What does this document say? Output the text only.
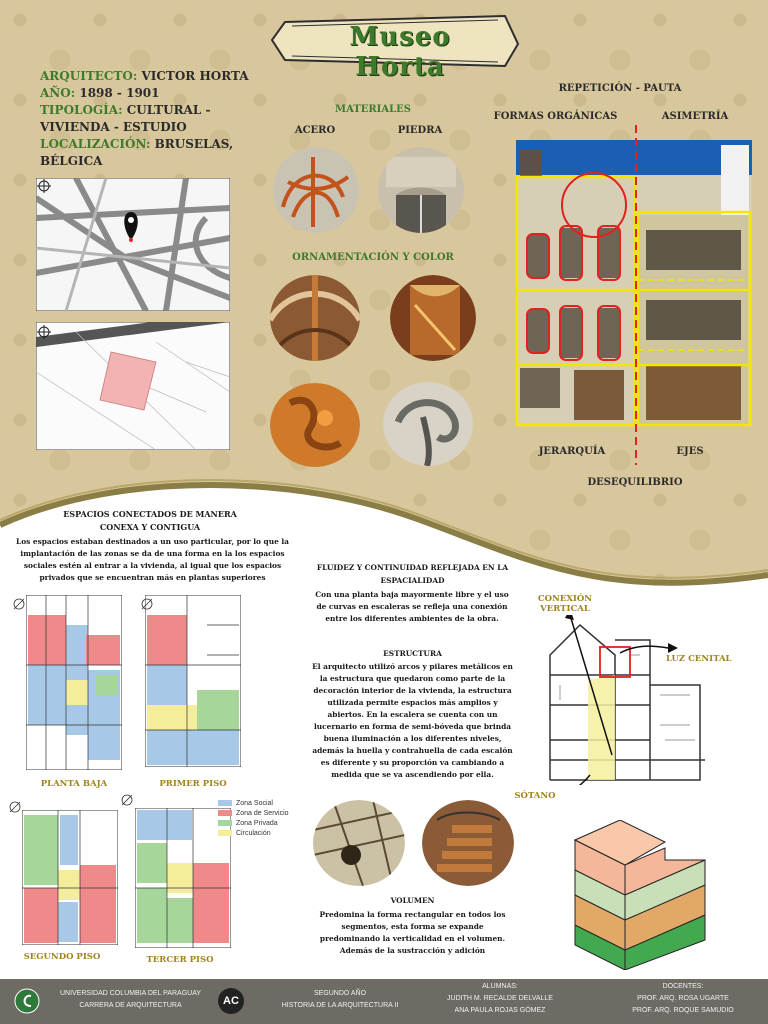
Museo Horta
ARQUITECTO: VICTOR HORTA
AÑO: 1898 - 1901
TIPOLOGÍA: CULTURAL - VIVIENDA - ESTUDIO
LOCALIZACIÓN: BRUSELAS, BÉLGICA
MATERIALES
ACERO	PIEDRA
ORNAMENTACIÓN Y COLOR
REPETICIÓN - PAUTA
FORMAS ORGÁNICAS	ASIMETRÍA
JERARQUÍA	EJES
DESEQUILIBRIO
ESPACIOS CONECTADOS DE MANERA
CONEXA Y CONTIGUA
Los espacios estaban destinados a un uso particular, por lo que la implantación de las zonas se da de una forma en la los espacios sociales estén al entrar a la vivienda, al igual que los espacios privados que se encuentran más en plantas superiores
PLANTA BAJA	PRIMER PISO
SEGUNDO PISO	TERCER PISO
Zona Social
Zona de Servicio
Zona Privada
Circulación
FLUIDEZ Y CONTINUIDAD REFLEJADA EN LA
ESPACIALIDAD
Con una planta baja mayormente libre y el uso de curvas en escaleras se refleja una conexión entre los diferentes ambientes de la obra.
ESTRUCTURA
El arquitecto utilizó arcos y pilares metálicos en la estructura que quedaron como parte de la decoración interior de la vivienda, la estructura utilizada permite espacios más amplios y abiertos. En la escalera se cuenta con un lucernario en forma de semi-bóveda que brinda buena iluminación a los diferentes niveles, además la huella y contrahuella de cada escalón es diferente y su proporción va cambiando a medida que se va ascendiendo por ella.
CONEXIÓN VERTICAL
LUZ CENITAL
SÓTANO
VOLUMEN
Predomina la forma rectangular en todos los segmentos, esta forma se expande predominando la verticalidad en el volumen. Además de la sustracción y adición
UNIVERSIDAD COLUMBIA DEL PARAGUAY
CARRERA DE ARQUITECTURA	AC
SEGUNDO AÑO
HISTORIA DE LA ARQUITECTURA II
ALUMNAS:
JUDITH M. RECALDE DELVALLE
ANA PAULA ROJAS GÓMEZ
DOCENTES:
PROF. ARQ. ROSA UGARTE
PROF. ARQ. ROQUE SAMUDIO
